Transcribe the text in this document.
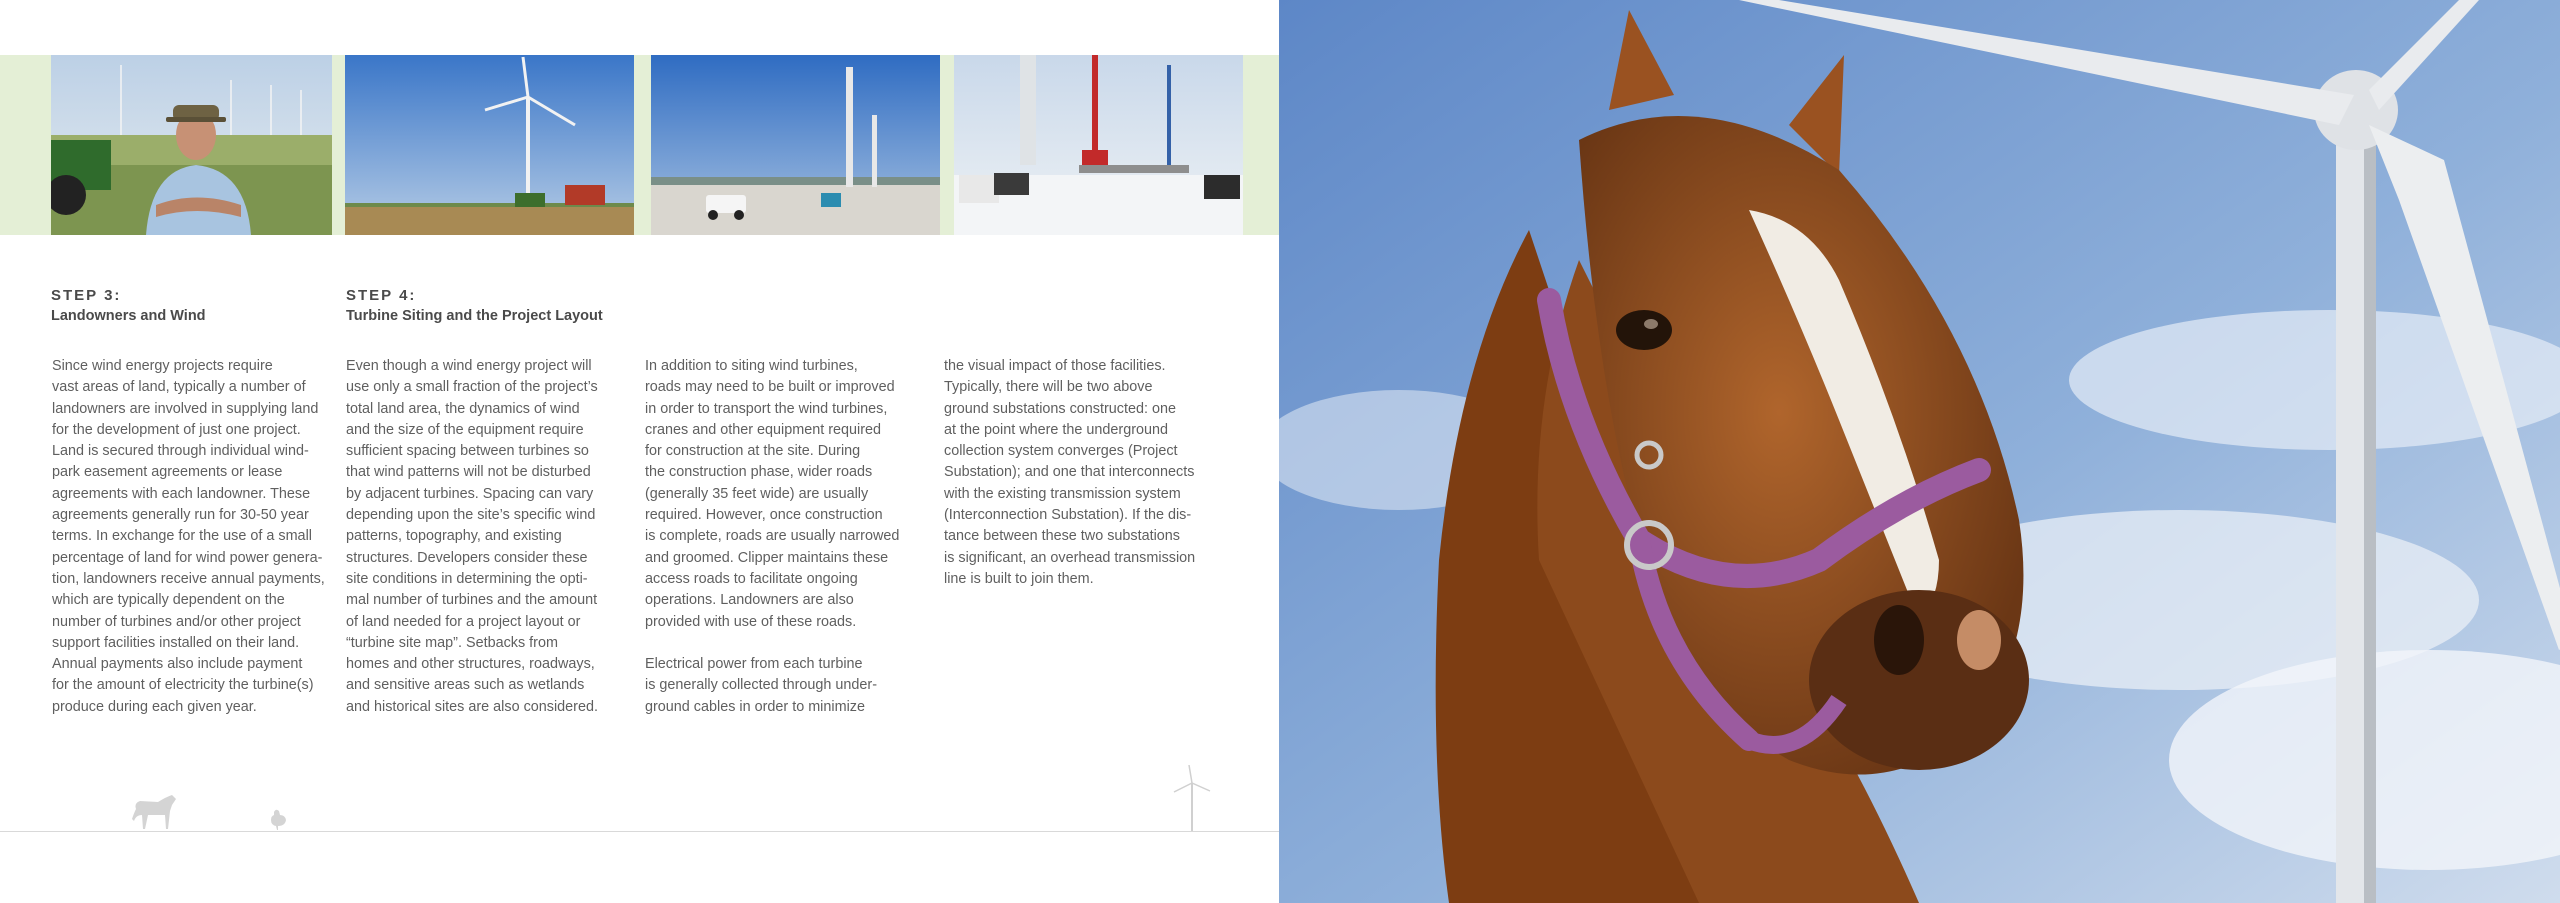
STEP 3:
Landowners and Wind
STEP 4:
Turbine Siting and the Project Layout
Since wind energy projects require
vast areas of land, typically a number of
landowners are involved in supplying land
for the development of just one project.
Land is secured through individual wind-
park easement agreements or lease
agreements with each landowner. These
agreements generally run for 30-50 year
terms. In exchange for the use of a small
percentage of land for wind power genera-
tion, landowners receive annual payments,
which are typically dependent on the
number of turbines and/or other project
support facilities installed on their land.
Annual payments also include payment
for the amount of electricity the turbine(s)
produce during each given year.
Even though a wind energy project will
use only a small fraction of the project’s
total land area, the dynamics of wind
and the size of the equipment require
sufficient spacing between turbines so
that wind patterns will not be disturbed
by adjacent turbines. Spacing can vary
depending upon the site’s specific wind
patterns, topography, and existing
structures. Developers consider these
site conditions in determining the opti-
mal number of turbines and the amount
of land needed for a project layout or
“turbine site map”. Setbacks from
homes and other structures, roadways,
and sensitive areas such as wetlands
and historical sites are also considered.
In addition to siting wind turbines,
roads may need to be built or improved
in order to transport the wind turbines,
cranes and other equipment required
for construction at the site. During
the construction phase, wider roads
(generally 35 feet wide) are usually
required. However, once construction
is complete, roads are usually narrowed
and groomed. Clipper maintains these
access roads to facilitate ongoing
operations. Landowners are also
provided with use of these roads.

Electrical power from each turbine
is generally collected through under-
ground cables in order to minimize
the visual impact of those facilities.
Typically, there will be two above
ground substations constructed: one
at the point where the underground
collection system converges (Project
Substation); and one that interconnects
with the existing transmission system
(Interconnection Substation). If the dis-
tance between these two substations
is significant, an overhead transmission
line is built to join them.
